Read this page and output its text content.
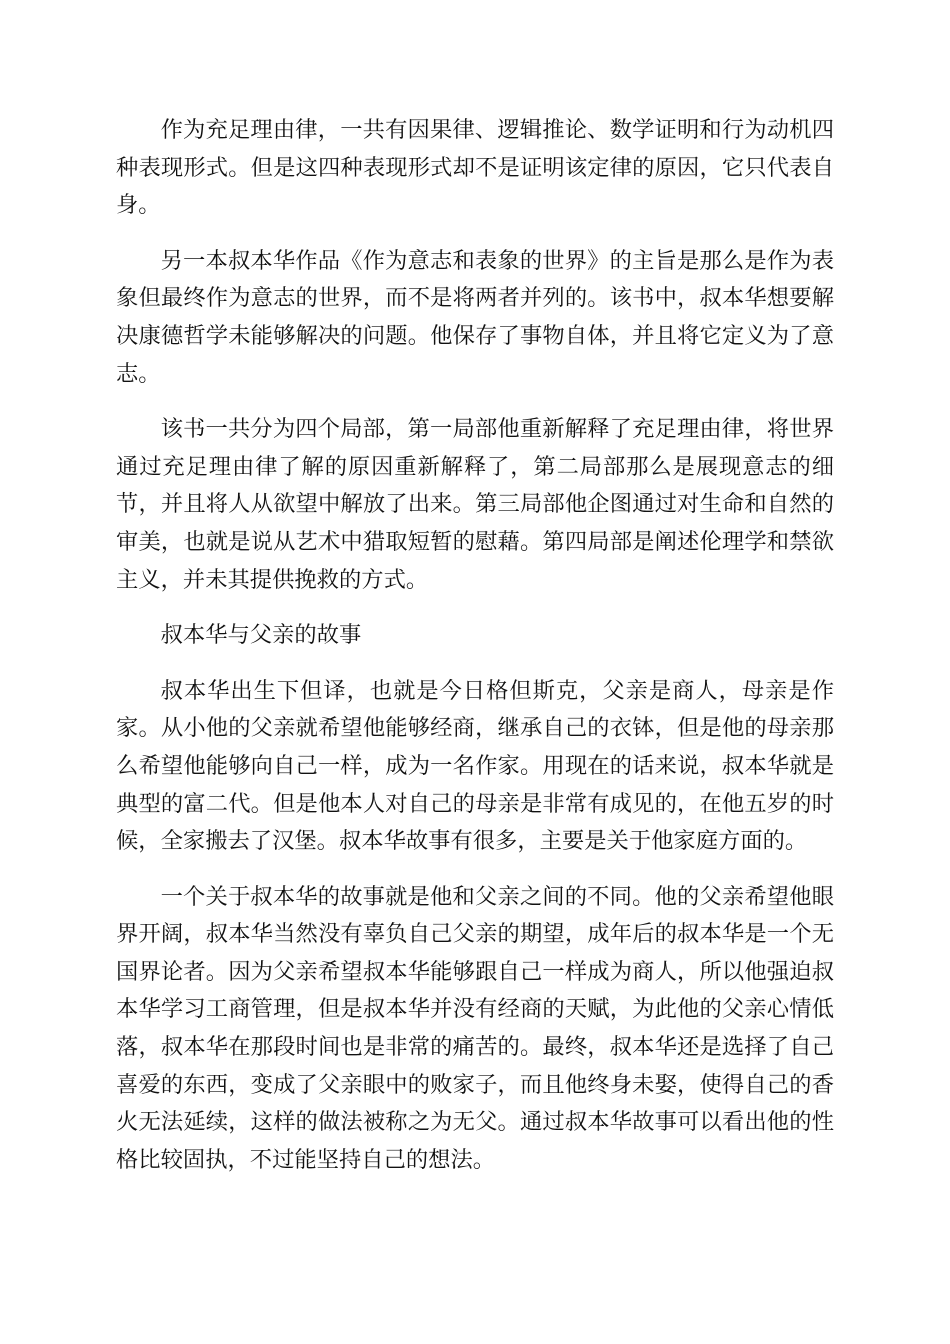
作为充足理由律，一共有因果律、逻辑推论、数学证明和行为动机四种表现形式。但是这四种表现形式却不是证明该定律的原因，它只代表自身。

另一本叔本华作品《作为意志和表象的世界》的主旨是那么是作为表象但最终作为意志的世界，而不是将两者并列的。该书中，叔本华想要解决康德哲学未能够解决的问题。他保存了事物自体，并且将它定义为了意志。

该书一共分为四个局部，第一局部他重新解释了充足理由律，将世界通过充足理由律了解的原因重新解释了，第二局部那么是展现意志的细节，并且将人从欲望中解放了出来。第三局部他企图通过对生命和自然的审美，也就是说从艺术中猎取短暂的慰藉。第四局部是阐述伦理学和禁欲主义，并未其提供挽救的方式。

叔本华与父亲的故事

叔本华出生下但译，也就是今日格但斯克，父亲是商人，母亲是作家。从小他的父亲就希望他能够经商，继承自己的衣钵，但是他的母亲那么希望他能够向自己一样，成为一名作家。用现在的话来说，叔本华就是典型的富二代。但是他本人对自己的母亲是非常有成见的，在他五岁的时候，全家搬去了汉堡。叔本华故事有很多，主要是关于他家庭方面的。

一个关于叔本华的故事就是他和父亲之间的不同。他的父亲希望他眼界开阔，叔本华当然没有辜负自己父亲的期望，成年后的叔本华是一个无国界论者。因为父亲希望叔本华能够跟自己一样成为商人，所以他强迫叔本华学习工商管理，但是叔本华并没有经商的天赋，为此他的父亲心情低落，叔本华在那段时间也是非常的痛苦的。最终，叔本华还是选择了自己喜爱的东西，变成了父亲眼中的败家子，而且他终身未娶，使得自己的香火无法延续，这样的做法被称之为无父。通过叔本华故事可以看出他的性格比较固执，不过能坚持自己的想法。
